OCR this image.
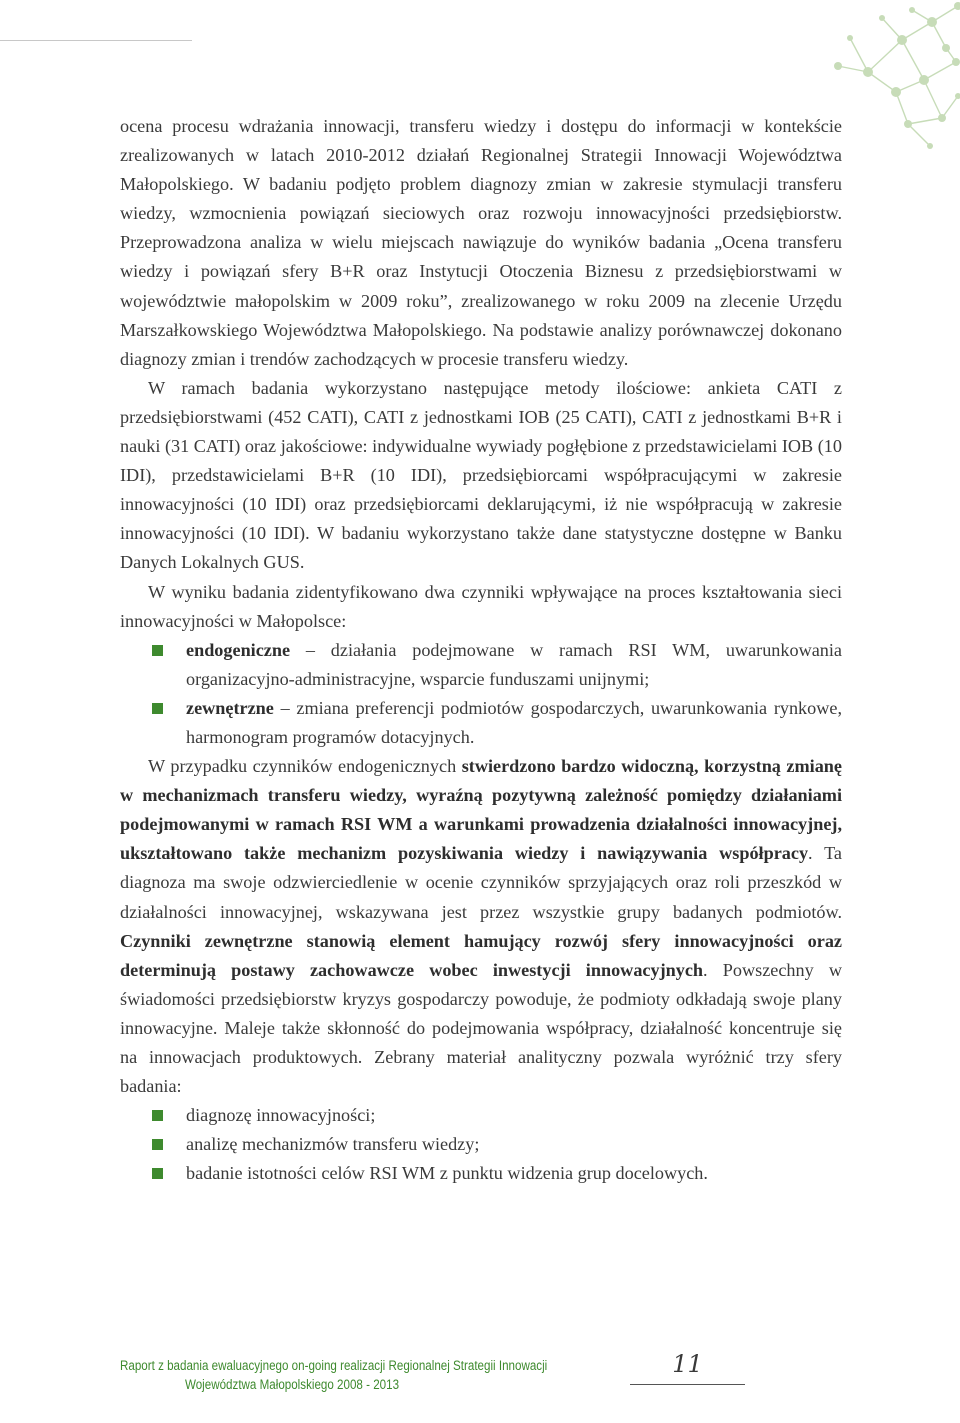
ocena procesu wdrażania innowacji, transferu wiedzy i dostępu do informacji w kontekście zrealizowanych w latach 2010-2012 działań Regionalnej Strategii Innowacji Województwa Małopolskiego. W badaniu podjęto problem diagnozy zmian w zakresie stymulacji transferu wiedzy, wzmocnienia powiązań sieciowych oraz rozwoju innowacyjności przedsiębiorstw. Przeprowadzona analiza w wielu miejscach nawiązuje do wyników badania „Ocena transferu wiedzy i powiązań sfery B+R oraz Instytucji Otoczenia Biznesu z przedsiębiorstwami w województwie małopolskim w 2009 roku”, zrealizowanego w roku 2009 na zlecenie Urzędu Marszałkowskiego Województwa Małopolskiego. Na podstawie analizy porównawczej dokonano diagnozy zmian i trendów zachodzących w procesie transferu wiedzy.

W ramach badania wykorzystano następujące metody ilościowe: ankieta CATI z przedsiębiorstwami (452 CATI), CATI z jednostkami IOB (25 CATI), CATI z jednostkami B+R i nauki (31 CATI) oraz jakościowe: indywidualne wywiady pogłębione z przedstawicielami IOB (10 IDI), przedstawicielami B+R (10 IDI), przedsiębiorcami współpracującymi w zakresie innowacyjności (10 IDI) oraz przedsiębiorcami deklarującymi, iż nie współpracują w zakresie innowacyjności (10 IDI). W badaniu wykorzystano także dane statystyczne dostępne w Banku Danych Lokalnych GUS.

W wyniku badania zidentyfikowano dwa czynniki wpływające na proces kształtowania sieci innowacyjności w Małopolsce:

endogeniczne – działania podejmowane w ramach RSI WM, uwarunkowania organizacyjno-administracyjne, wsparcie funduszami unijnymi;
zewnętrzne – zmiana preferencji podmiotów gospodarczych, uwarunkowania rynkowe, harmonogram programów dotacyjnych.

W przypadku czynników endogenicznych stwierdzono bardzo widoczną, korzystną zmianę w mechanizmach transferu wiedzy, wyraźną pozytywną zależność pomiędzy działaniami podejmowanymi w ramach RSI WM a warunkami prowadzenia działalności innowacyjnej, ukształtowano także mechanizm pozyskiwania wiedzy i nawiązywania współpracy. Ta diagnoza ma swoje odzwierciedlenie w ocenie czynników sprzyjających oraz roli przeszkód w działalności innowacyjnej, wskazywana jest przez wszystkie grupy badanych podmiotów. Czynniki zewnętrzne stanowią element hamujący rozwój sfery innowacyjności oraz determinują postawy zachowawcze wobec inwestycji innowacyjnych. Powszechny w świadomości przedsiębiorstw kryzys gospodarczy powoduje, że podmioty odkładają swoje plany innowacyjne. Maleje także skłonność do podejmowania współpracy, działalność koncentruje się na innowacjach produktowych. Zebrany materiał analityczny pozwala wyróżnić trzy sfery badania:

diagnozę innowacyjności;
analizę mechanizmów transferu wiedzy;
badanie istotności celów RSI WM z punktu widzenia grup docelowych.
Raport z badania ewaluacyjnego on-going realizacji Regionalnej Strategii Innowacji
Województwa Małopolskiego 2008 - 2013
11
